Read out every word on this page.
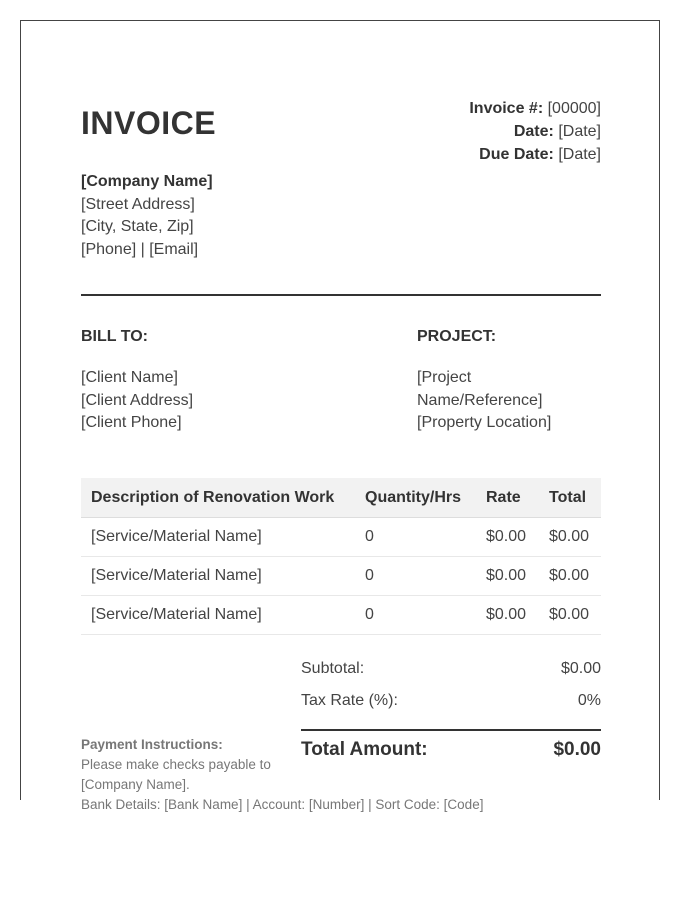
INVOICE	Invoice #: [00000]
Date: [Date]
Due Date: [Date]
[Company Name]
[Street Address]
[City, State, Zip]
[Phone] | [Email]
BILL TO:
[Client Name]
[Client Address]
[Client Phone]
PROJECT:
[Project Name/Reference]
[Property Location]
Description of Renovation Work	Quantity/Hrs	Rate	Total
[Service/Material Name]	0	$0.00	$0.00
[Service/Material Name]	0	$0.00	$0.00
[Service/Material Name]	0	$0.00	$0.00
Subtotal:	$0.00
Tax Rate (%):	0%
Total Amount:	$0.00
Payment Instructions:
Please make checks payable to [Company Name].
Bank Details: [Bank Name] | Account: [Number] | Sort Code: [Code]
